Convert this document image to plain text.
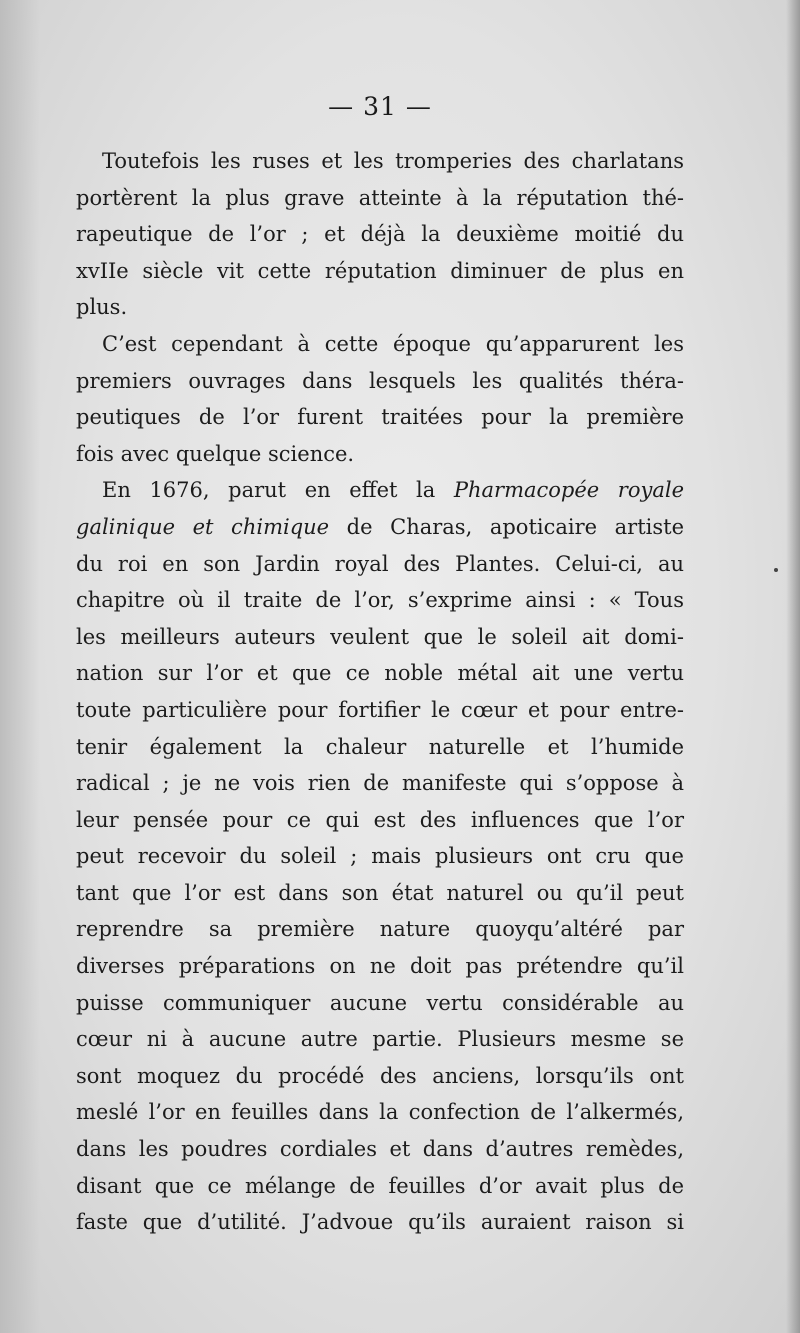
— 31 —
Toutefois les ruses et les tromperies des charlatans
portèrent la plus grave atteinte à la réputation thé-
rapeutique de l’or ; et déjà la deuxième moitié du
xvIIe siècle vit cette réputation diminuer de plus en
plus.
C’est cependant à cette époque qu’apparurent les
premiers ouvrages dans lesquels les qualités théra-
peutiques de l’or furent traitées pour la première
fois avec quelque science.
En 1676, parut en effet la Pharmacopée royale
galinique et chimique de Charas, apoticaire artiste
du roi en son Jardin royal des Plantes. Celui-ci, au
chapitre où il traite de l’or, s’exprime ainsi : « Tous
les meilleurs auteurs veulent que le soleil ait domi-
nation sur l’or et que ce noble métal ait une vertu
toute particulière pour fortifier le cœur et pour entre-
tenir également la chaleur naturelle et l’humide
radical ; je ne vois rien de manifeste qui s’oppose à
leur pensée pour ce qui est des influences que l’or
peut recevoir du soleil ; mais plusieurs ont cru que
tant que l’or est dans son état naturel ou qu’il peut
reprendre sa première nature quoyqu’altéré par
diverses préparations on ne doit pas prétendre qu’il
puisse communiquer aucune vertu considérable au
cœur ni à aucune autre partie. Plusieurs mesme se
sont moquez du procédé des anciens, lorsqu’ils ont
meslé l’or en feuilles dans la confection de l’alkermés,
dans les poudres cordiales et dans d’autres remèdes,
disant que ce mélange de feuilles d’or avait plus de
faste que d’utilité. J’advoue qu’ils auraient raison si
